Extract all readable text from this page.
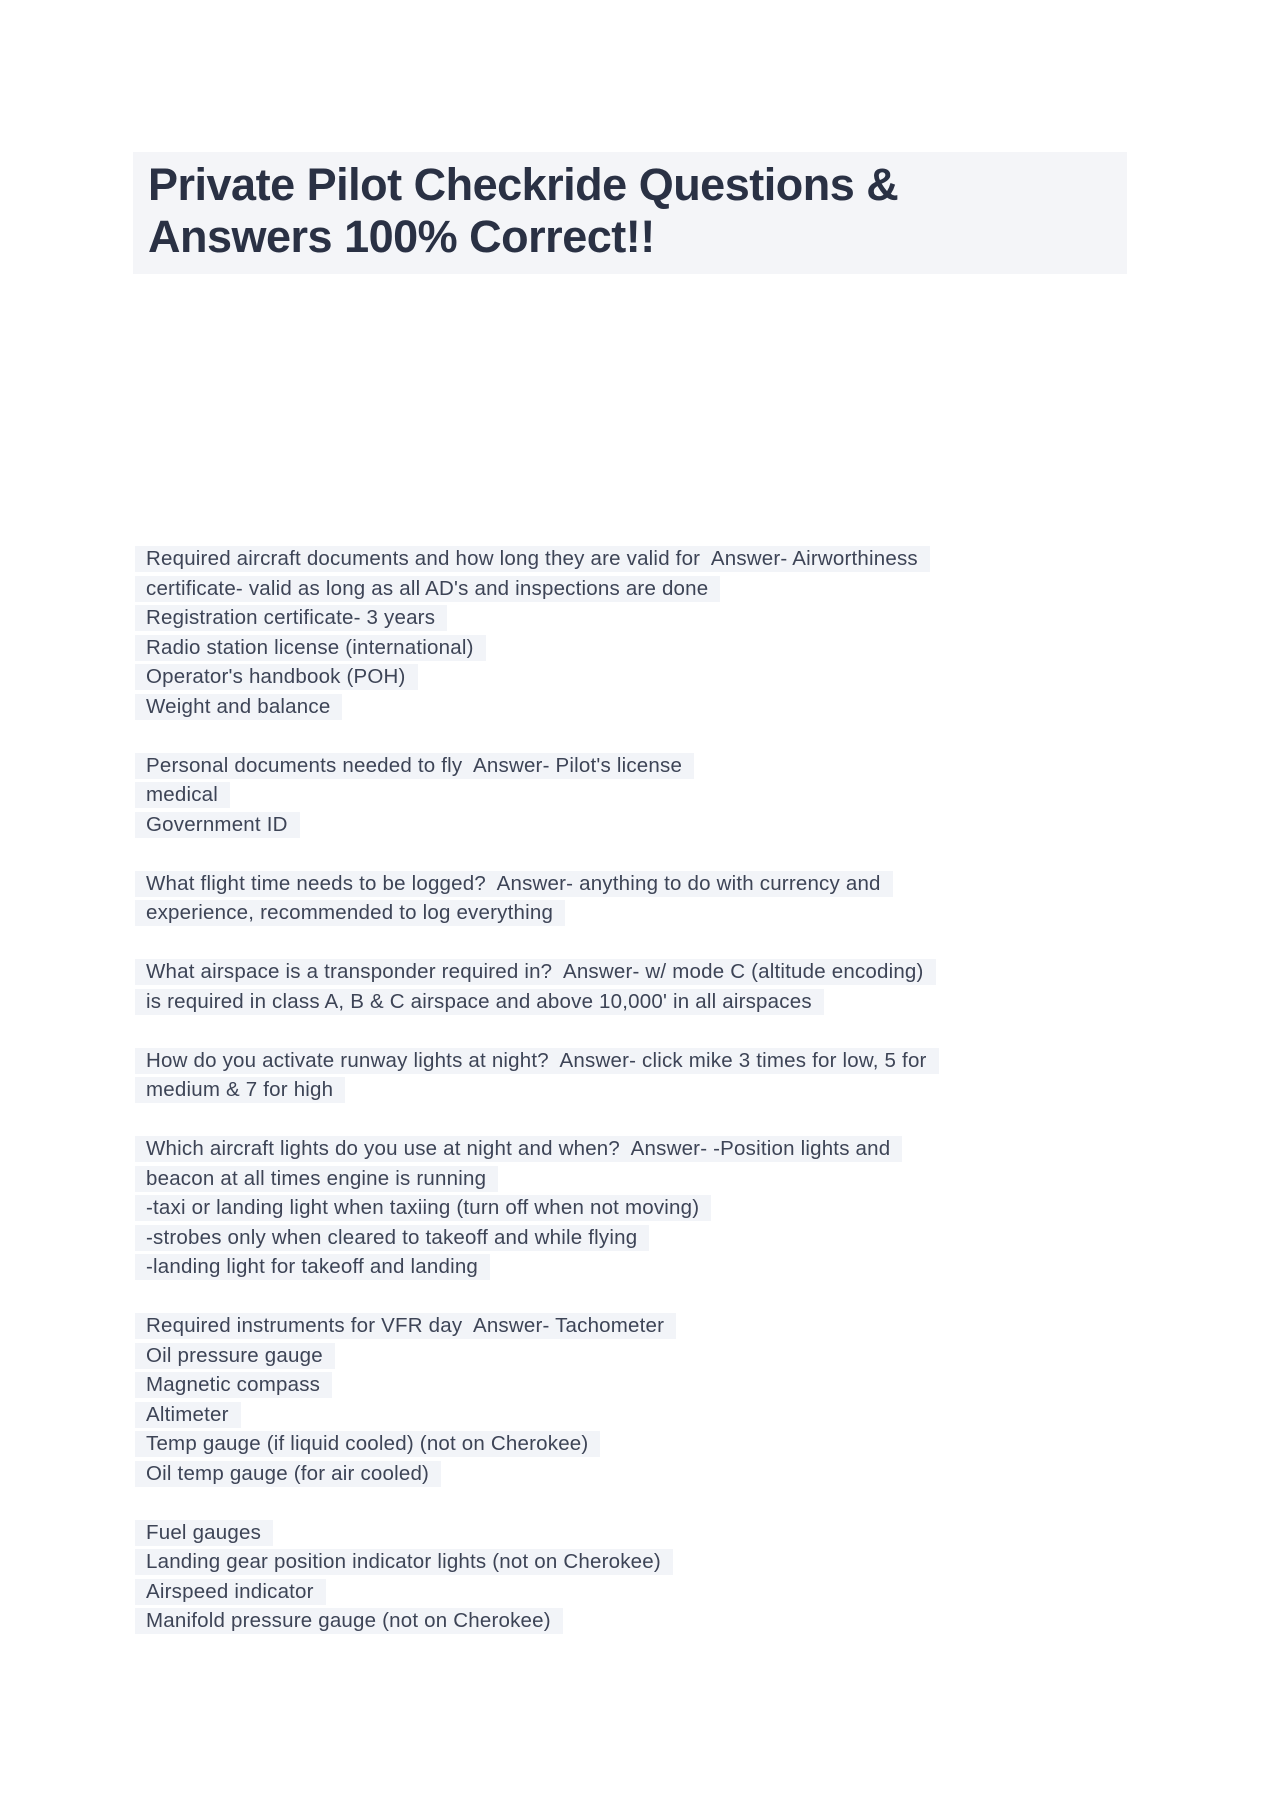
Private Pilot Checkride Questions &
Answers 100% Correct!!
Required aircraft documents and how long they are valid for  Answer- Airworthiness
certificate- valid as long as all AD's and inspections are done
Registration certificate- 3 years
Radio station license (international)
Operator's handbook (POH)
Weight and balance
Personal documents needed to fly  Answer- Pilot's license
medical
Government ID
What flight time needs to be logged?  Answer- anything to do with currency and
experience, recommended to log everything
What airspace is a transponder required in?  Answer- w/ mode C (altitude encoding)
is required in class A, B & C airspace and above 10,000' in all airspaces
How do you activate runway lights at night?  Answer- click mike 3 times for low, 5 for
medium & 7 for high
Which aircraft lights do you use at night and when?  Answer- -Position lights and
beacon at all times engine is running
-taxi or landing light when taxiing (turn off when not moving)
-strobes only when cleared to takeoff and while flying
-landing light for takeoff and landing
Required instruments for VFR day  Answer- Tachometer
Oil pressure gauge
Magnetic compass
Altimeter
Temp gauge (if liquid cooled) (not on Cherokee)
Oil temp gauge (for air cooled)
Fuel gauges
Landing gear position indicator lights (not on Cherokee)
Airspeed indicator
Manifold pressure gauge (not on Cherokee)
